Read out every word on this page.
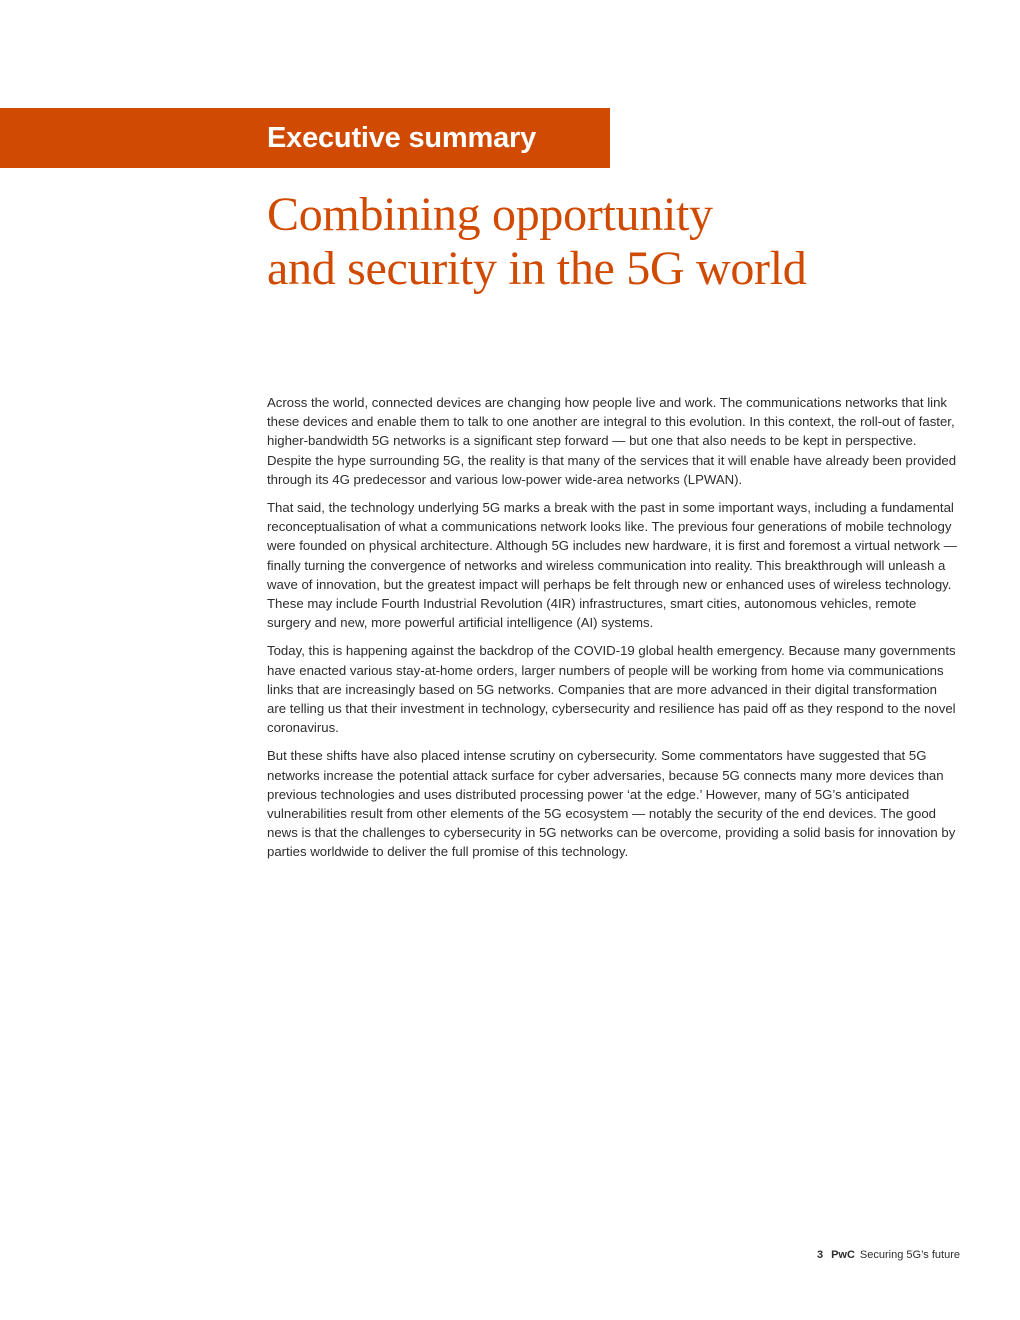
Executive summary
Combining opportunity
and security in the 5G world

Across the world, connected devices are changing how people live and work. The communications networks that link these devices and enable them to talk to one another are integral to this evolution. In this context, the roll-out of faster, higher-bandwidth 5G networks is a significant step forward — but one that also needs to be kept in perspective. Despite the hype surrounding 5G, the reality is that many of the services that it will enable have already been provided through its 4G predecessor and various low-power wide-area networks (LPWAN).

That said, the technology underlying 5G marks a break with the past in some important ways, including a fundamental reconceptualisation of what a communications network looks like. The previous four generations of mobile technology were founded on physical architecture. Although 5G includes new hardware, it is first and foremost a virtual network — finally turning the convergence of networks and wireless communication into reality. This breakthrough will unleash a wave of innovation, but the greatest impact will perhaps be felt through new or enhanced uses of wireless technology. These may include Fourth Industrial Revolution (4IR) infrastructures, smart cities, autonomous vehicles, remote surgery and new, more powerful artificial intelligence (AI) systems.

Today, this is happening against the backdrop of the COVID-19 global health emergency. Because many governments have enacted various stay-at-home orders, larger numbers of people will be working from home via communications links that are increasingly based on 5G networks. Companies that are more advanced in their digital transformation are telling us that their investment in technology, cybersecurity and resilience has paid off as they respond to the novel coronavirus.

But these shifts have also placed intense scrutiny on cybersecurity. Some commentators have suggested that 5G networks increase the potential attack surface for cyber adversaries, because 5G connects many more devices than previous technologies and uses distributed processing power ‘at the edge.’ However, many of 5G’s anticipated vulnerabilities result from other elements of the 5G ecosystem — notably the security of the end devices. The good news is that the challenges to cybersecurity in 5G networks can be overcome, providing a solid basis for innovation by parties worldwide to deliver the full promise of this technology.

3 PwC Securing 5G’s future
